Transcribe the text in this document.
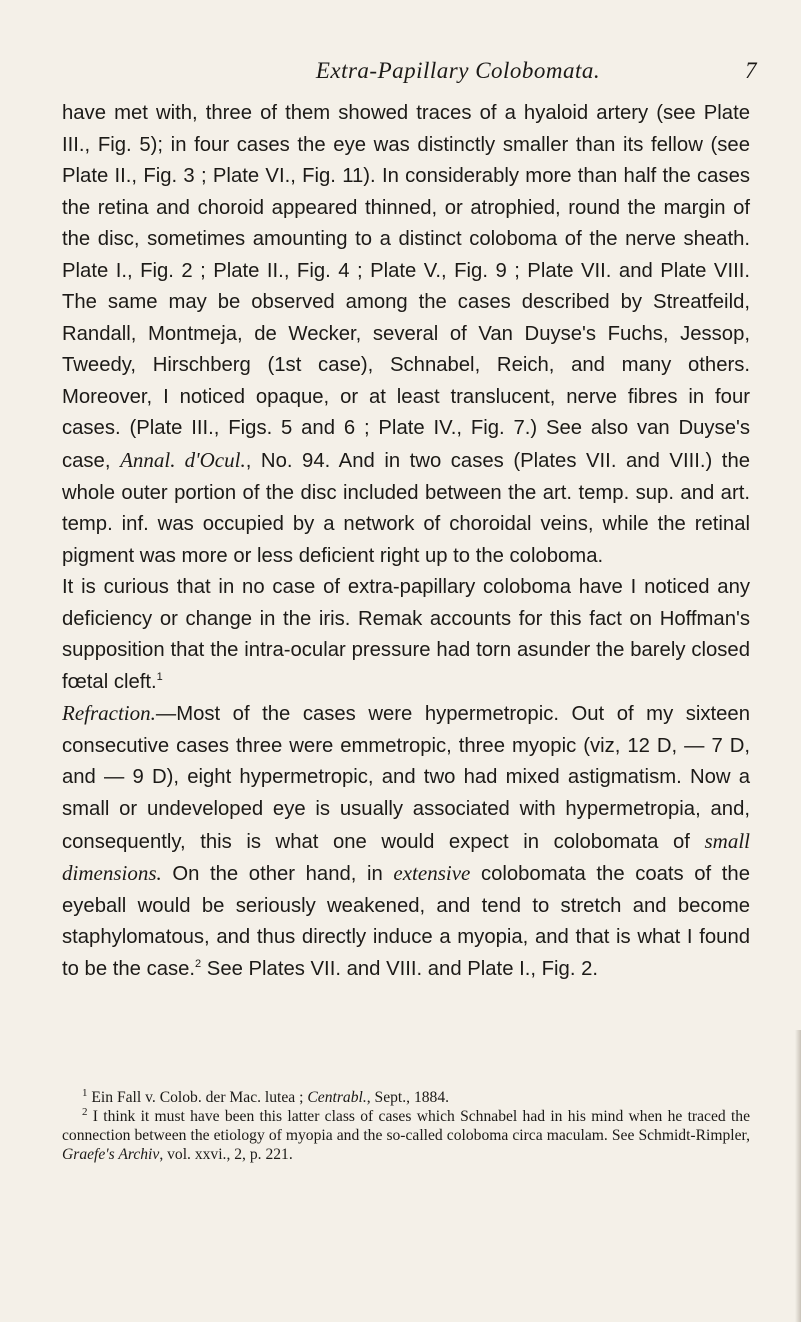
Extra-Papillary Colobomata.	7

have met with, three of them showed traces of a hyaloid artery (see Plate III., Fig. 5); in four cases the eye was distinctly smaller than its fellow (see Plate II., Fig. 3 ; Plate VI., Fig. 11). In considerably more than half the cases the retina and choroid appeared thinned, or atrophied, round the margin of the disc, sometimes amounting to a distinct coloboma of the nerve sheath. Plate I., Fig. 2 ; Plate II., Fig. 4 ; Plate V., Fig. 9 ; Plate VII. and Plate VIII. The same may be observed among the cases described by Streatfeild, Randall, Montmeja, de Wecker, several of Van Duyse's Fuchs, Jessop, Tweedy, Hirschberg (1st case), Schnabel, Reich, and many others. Moreover, I noticed opaque, or at least translucent, nerve fibres in four cases. (Plate III., Figs. 5 and 6 ; Plate IV., Fig. 7.) See also van Duyse's case, Annal. d'Ocul., No. 94. And in two cases (Plates VII. and VIII.) the whole outer portion of the disc included between the art. temp. sup. and art. temp. inf. was occupied by a network of choroidal veins, while the retinal pigment was more or less deficient right up to the coloboma.

It is curious that in no case of extra-papillary coloboma have I noticed any deficiency or change in the iris. Remak accounts for this fact on Hoffman's supposition that the intra-ocular pressure had torn asunder the barely closed fœtal cleft.$^1$

Refraction.—Most of the cases were hypermetropic. Out of my sixteen consecutive cases three were emmetropic, three myopic (viz, 12 D, — 7 D, and — 9 D), eight hypermetropic, and two had mixed astigmatism. Now a small or undeveloped eye is usually associated with hypermetropia, and, consequently, this is what one would expect in colobomata of small dimensions. On the other hand, in extensive colobomata the coats of the eyeball would be seriously weakened, and tend to stretch and become staphylomatous, and thus directly induce a myopia, and that is what I found to be the case.$^2$ See Plates VII. and VIII. and Plate I., Fig. 2.

$^1$ Ein Fall v. Colob. der Mac. lutea ; Centrabl., Sept., 1884.

$^2$ I think it must have been this latter class of cases which Schnabel had in his mind when he traced the connection between the etiology of myopia and the so-called coloboma circa maculam. See Schmidt-Rimpler, Graefe's Archiv, vol. xxvi., 2, p. 221.
